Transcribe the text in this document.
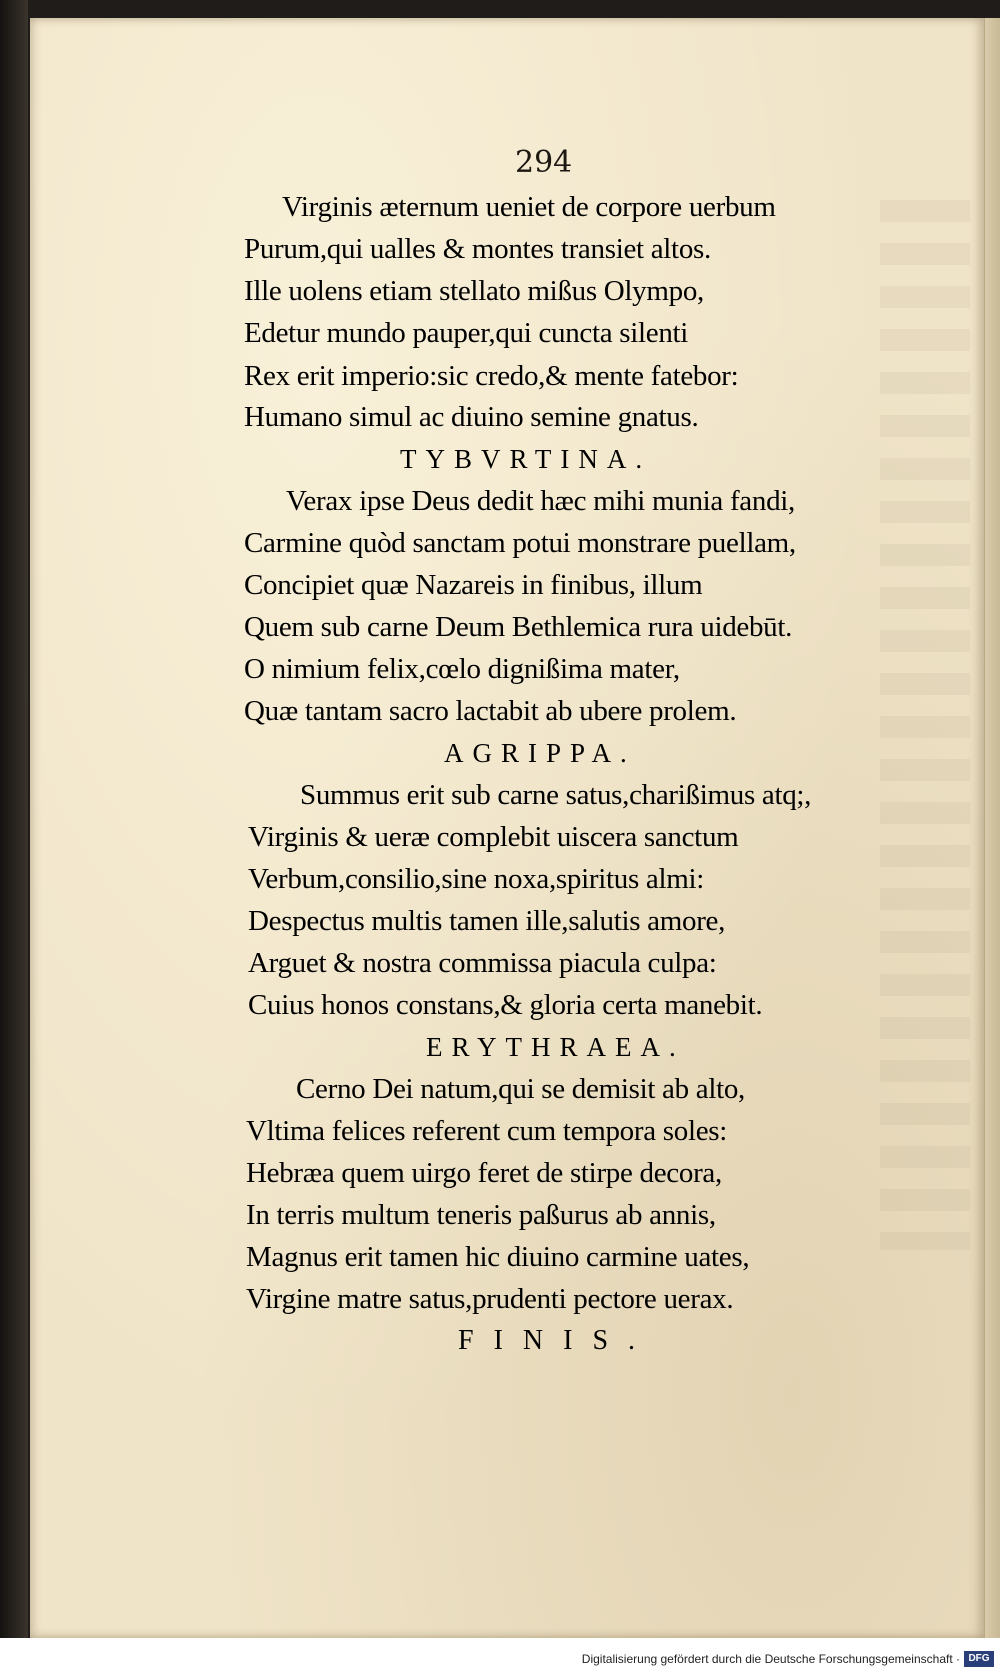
294
Virginis æternum ueniet de corpore uerbum
Purum,qui ualles & montes transiet altos.
Ille uolens etiam stellato mißus Olympo,
Edetur mundo pauper,qui cuncta silenti
Rex erit imperio:sic credo,& mente fatebor:
Humano simul ac diuino semine gnatus.
TYBVRTINA.
Verax ipse Deus dedit hæc mihi munia fandi,
Carmine quòd sanctam potui monstrare puellam,
Concipiet quæ Nazareis in finibus, illum
Quem sub carne Deum Bethlemica rura uidebūt.
O nimium felix,cœlo dignißima mater,
Quæ tantam sacro lactabit ab ubere prolem.
AGRIPPA.
Summus erit sub carne satus,charißimus atq;,
Virginis & ueræ complebit uiscera sanctum
Verbum,consilio,sine noxa,spiritus almi:
Despectus multis tamen ille,salutis amore,
Arguet & nostra commissa piacula culpa:
Cuius honos constans,& gloria certa manebit.
ERYTHRAEA.
Cerno Dei natum,qui se demisit ab alto,
Vltima felices referent cum tempora soles:
Hebræa quem uirgo feret de stirpe decora,
In terris multum teneris paßurus ab annis,
Magnus erit tamen hic diuino carmine uates,
Virgine matre satus,prudenti pectore uerax.
FINIS.
Digitalisierung gefördert durch die Deutsche Forschungsgemeinschaft · DFG
